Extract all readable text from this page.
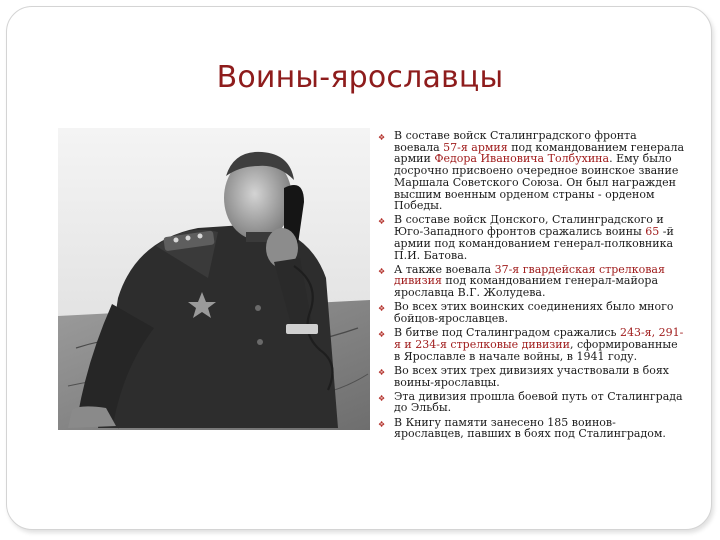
Воины-ярославцы
❖ В составе войск Сталинградского фронта воевала 57-я армия под командованием генерала армии Федора Ивановича Толбухина. Ему было досрочно присвоено очередное воинское звание Маршала Советского Союза. Он был награжден высшим военным орденом страны - орденом Победы.
❖ В составе войск Донского, Сталинградского и Юго-Западного фронтов сражались воины 65 -й армии под командованием генерал-полковника П.И. Батова.
❖ А также воевала 37-я гвардейская стрелковая дивизия под командованием генерал-майора ярославца В.Г. Жолудева.
❖ Во всех этих воинских соединениях было много бойцов-ярославцев.
❖ В битве под Сталинградом сражались 243-я, 291-я и 234-я стрелковые дивизии, сформированные в Ярославле в начале войны, в 1941 году.
❖ Во всех этих трех дивизиях участвовали в боях воины-ярославцы.
❖ Эта дивизия прошла боевой путь от Сталинграда до Эльбы.
❖ В Книгу памяти занесено 185 воинов-ярославцев, павших в боях под Сталинградом.
